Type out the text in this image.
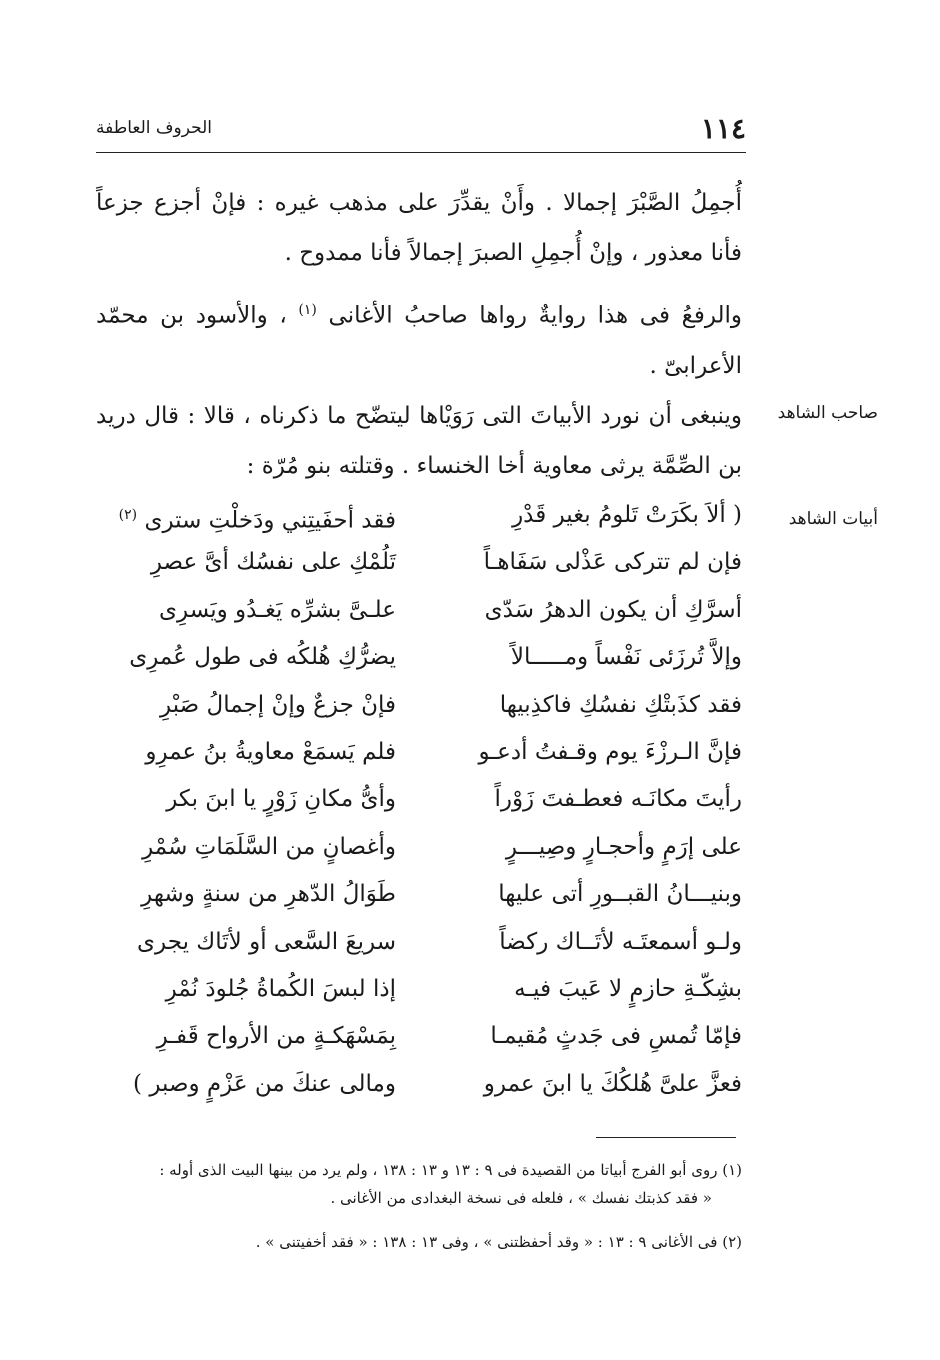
١١٤
الحروف العاطفة
أُجمِلُ الصَّبْرَ إجمالا . وأَنْ يقدِّرَ على مذهب غيره : فإنْ أجزع جزعاً فأنا معذور ، وإنْ أُجمِلِ الصبرَ إجمالاً فأنا ممدوح .
والرفعُ فى هذا روايةٌ رواها صاحبُ الأغانى $^{(١)}$ ، والأسود بن محمّد الأعرابىّ .
وينبغى أن نورد الأبياتَ التى رَوَيْاها ليتضّح ما ذكرناه ، قالا : قال دريد بن الصِّمَّة يرثى معاوية أخا الخنساء . وقتلته بنو مُرّة :
صاحب الشاهد
أبيات الشاهد
( ألاَ بكَرَتْ تَلومُ بغير قَدْرِ
فقد أحفَيتِني ودَخلْتِ سترى $^{(٢)}$
فإن لم تتركى عَذْلى سَفَاهـاً
تَلُمْكِ على نفسُك أىَّ عصرِ
أسرَّكِ أن يكون الدهرُ سَدّى
علـىَّ بشرِّه يَغـدُو ويَسرِى
وإلاَّ تُرزَئى نَفْساً ومـــــالاً
يضرُّكِ هُلكُه فى طول عُمرِى
فقد كذَبتْكِ نفسُكِ فاكذِبيها
فإنْ جزعٌ وإنْ إجمالُ صَبْرِ
فإنَّ الـرزْءَ يوم وقـفتُ أدعـو
فلم يَسمَعْ معاويةُ بنُ عمرِو
رأيتَ مكانَـه فعطـفتَ زَوْراً
وأىُّ مكانِ زَوْرٍ يا ابنَ بكر
على إرَمٍ وأحجـارٍ وصِيـــرٍ
وأغصانٍ من السَّلَمَاتِ سُمْرِ
وبنيـــانُ القبــورِ أتى عليها
طَوَالُ الدّهرِ من سنةٍ وشهرِ
ولـو أسمعتَـه لأتَــاك ركضاً
سريعَ السَّعى أو لأتَاك يجرى
بشِكّـةِ حازمٍ لا عَيبَ فيـه
إذا لبسَ الكُماةُ جُلودَ نُمْرِ
فإمّا تُمسِ فى جَدثٍ مُقيمـا
بِمَسْهَكـةٍ من الأرواح قَفـرِ
فعزَّ علىَّ هُلكُكَ يا ابنَ عمرو
ومالى عنكَ من عَزْمٍ وصبر )
(١) روى أبو الفرج أبياتا من القصيدة فى ٩ : ١٣ و ١٣ : ١٣٨ ، ولم يرد من بينها البيت الذى أوله :
« فقد كذبتك نفسك » ، فلعله فى نسخة البغدادى من الأغانى .
(٢) فى الأغانى ٩ : ١٣ : « وقد أحفظتنى » ، وفى ١٣ : ١٣٨ : « فقد أخفيتنى » .
